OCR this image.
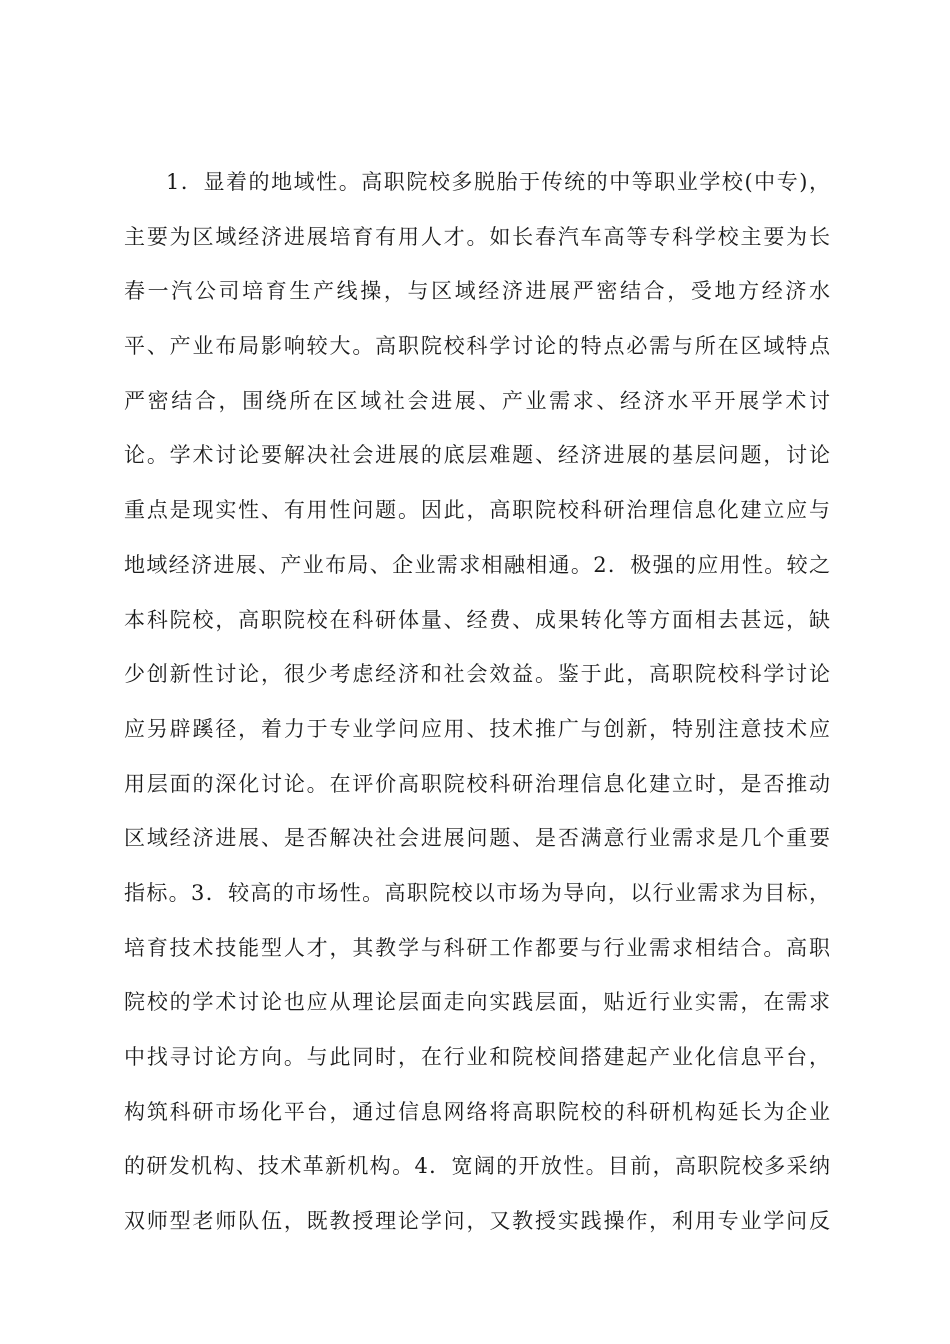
1．显着的地域性。高职院校多脱胎于传统的中等职业学校(中专)，
主要为区域经济进展培育有用人才。如长春汽车高等专科学校主要为长
春一汽公司培育生产线操，与区域经济进展严密结合，受地方经济水
平、产业布局影响较大。高职院校科学讨论的特点必需与所在区域特点
严密结合，围绕所在区域社会进展、产业需求、经济水平开展学术讨
论。学术讨论要解决社会进展的底层难题、经济进展的基层问题，讨论
重点是现实性、有用性问题。因此，高职院校科研治理信息化建立应与
地域经济进展、产业布局、企业需求相融相通。2．极强的应用性。较之
本科院校，高职院校在科研体量、经费、成果转化等方面相去甚远，缺
少创新性讨论，很少考虑经济和社会效益。鉴于此，高职院校科学讨论
应另辟蹊径，着力于专业学问应用、技术推广与创新，特别注意技术应
用层面的深化讨论。在评价高职院校科研治理信息化建立时，是否推动
区域经济进展、是否解决社会进展问题、是否满意行业需求是几个重要
指标。3．较高的市场性。高职院校以市场为导向，以行业需求为目标，
培育技术技能型人才，其教学与科研工作都要与行业需求相结合。高职
院校的学术讨论也应从理论层面走向实践层面，贴近行业实需，在需求
中找寻讨论方向。与此同时，在行业和院校间搭建起产业化信息平台，
构筑科研市场化平台，通过信息网络将高职院校的科研机构延长为企业
的研发机构、技术革新机构。4．宽阔的开放性。目前，高职院校多采纳
双师型老师队伍，既教授理论学问，又教授实践操作，利用专业学问反
